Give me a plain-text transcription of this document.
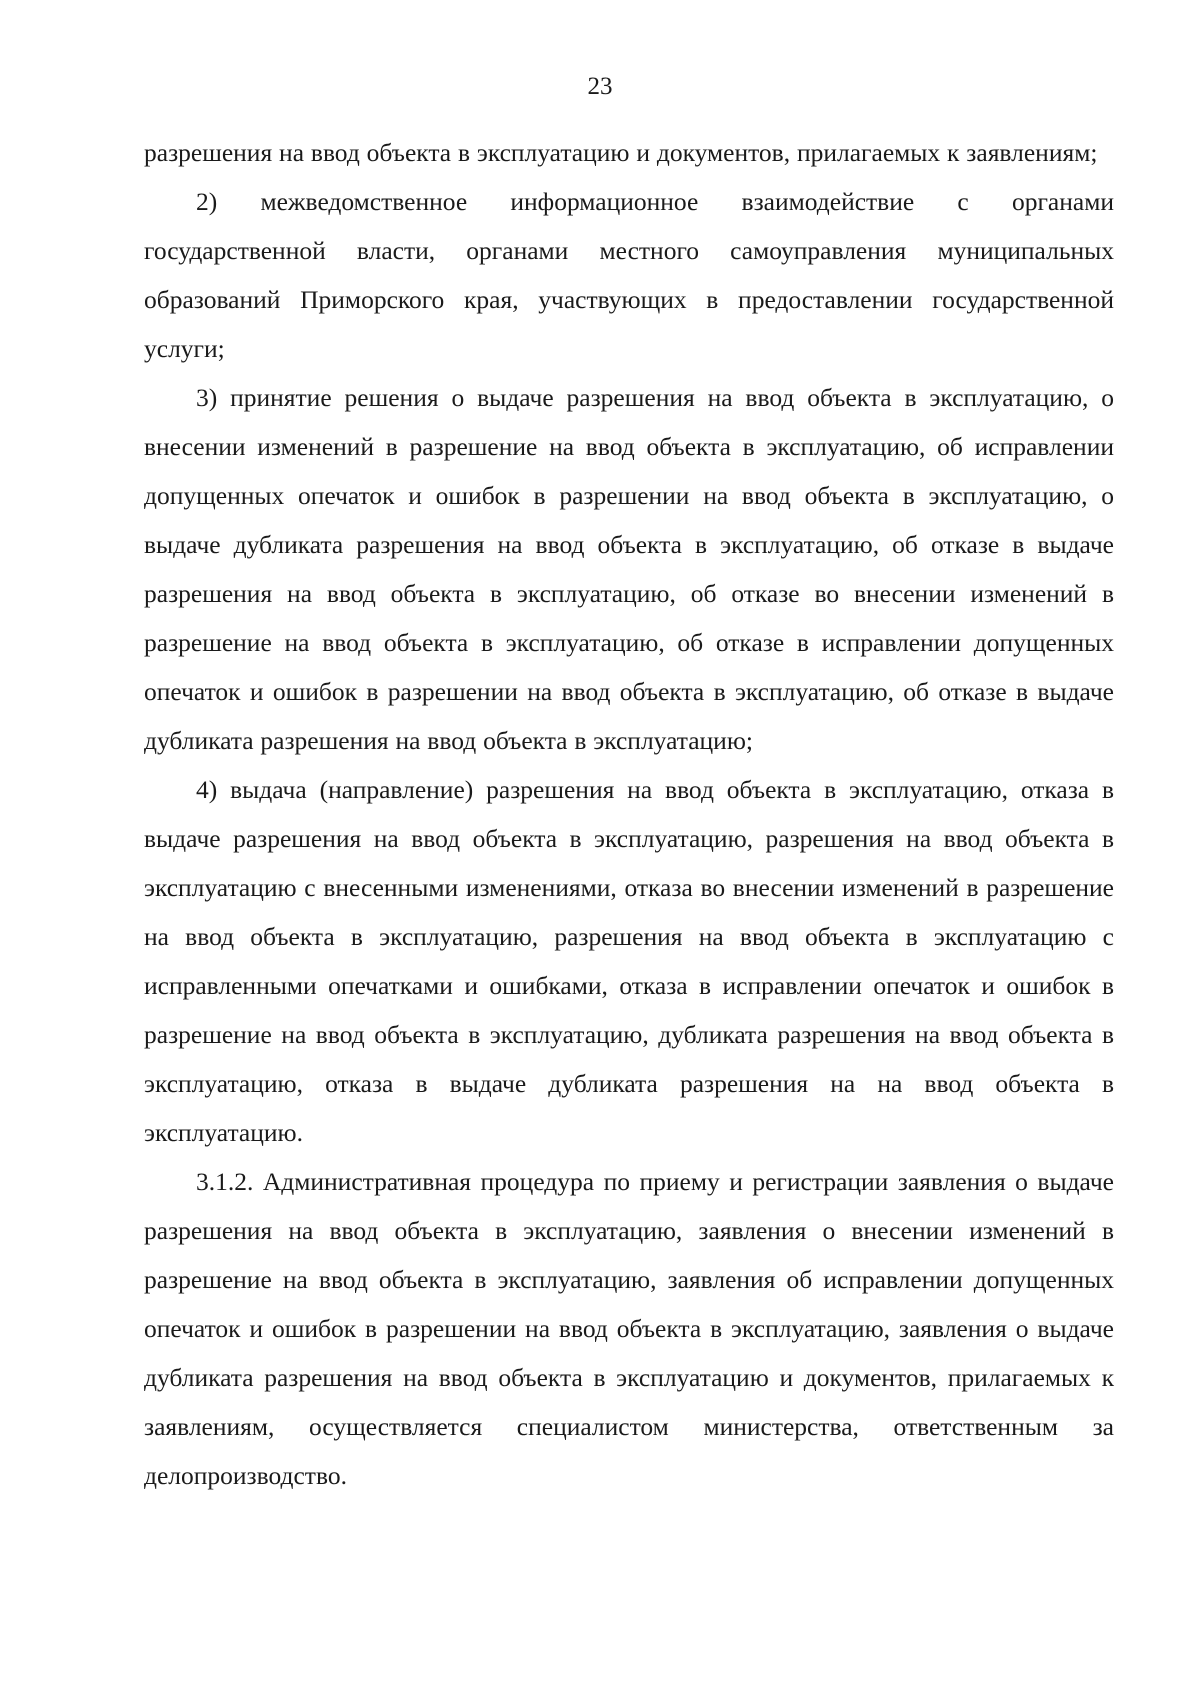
23

разрешения на ввод объекта в эксплуатацию и документов, прилагаемых к заявлениям;

2) межведомственное информационное взаимодействие с органами государственной власти, органами местного самоуправления муниципальных образований Приморского края, участвующих в предоставлении государственной услуги;

3) принятие решения о выдаче разрешения на ввод объекта в эксплуатацию, о внесении изменений в разрешение на ввод объекта в эксплуатацию, об исправлении допущенных опечаток и ошибок в разрешении на ввод объекта в эксплуатацию, о выдаче дубликата разрешения на ввод объекта в эксплуатацию, об отказе в выдаче разрешения на ввод объекта в эксплуатацию, об отказе во внесении изменений в разрешение на ввод объекта в эксплуатацию, об отказе в исправлении допущенных опечаток и ошибок в разрешении на ввод объекта в эксплуатацию, об отказе в выдаче дубликата разрешения на ввод объекта в эксплуатацию;

4) выдача (направление) разрешения на ввод объекта в эксплуатацию, отказа в выдаче разрешения на ввод объекта в эксплуатацию, разрешения на ввод объекта в эксплуатацию с внесенными изменениями, отказа во внесении изменений в разрешение на ввод объекта в эксплуатацию, разрешения на ввод объекта в эксплуатацию с исправленными опечатками и ошибками, отказа в исправлении опечаток и ошибок в разрешение на ввод объекта в эксплуатацию, дубликата разрешения на ввод объекта в эксплуатацию, отказа в выдаче дубликата разрешения на на ввод объекта в эксплуатацию.

3.1.2. Административная процедура по приему и регистрации заявления о выдаче разрешения на ввод объекта в эксплуатацию, заявления о внесении изменений в разрешение на ввод объекта в эксплуатацию, заявления об исправлении допущенных опечаток и ошибок в разрешении на ввод объекта в эксплуатацию, заявления о выдаче дубликата разрешения на ввод объекта в эксплуатацию и документов, прилагаемых к заявлениям, осуществляется специалистом министерства, ответственным за делопроизводство.
